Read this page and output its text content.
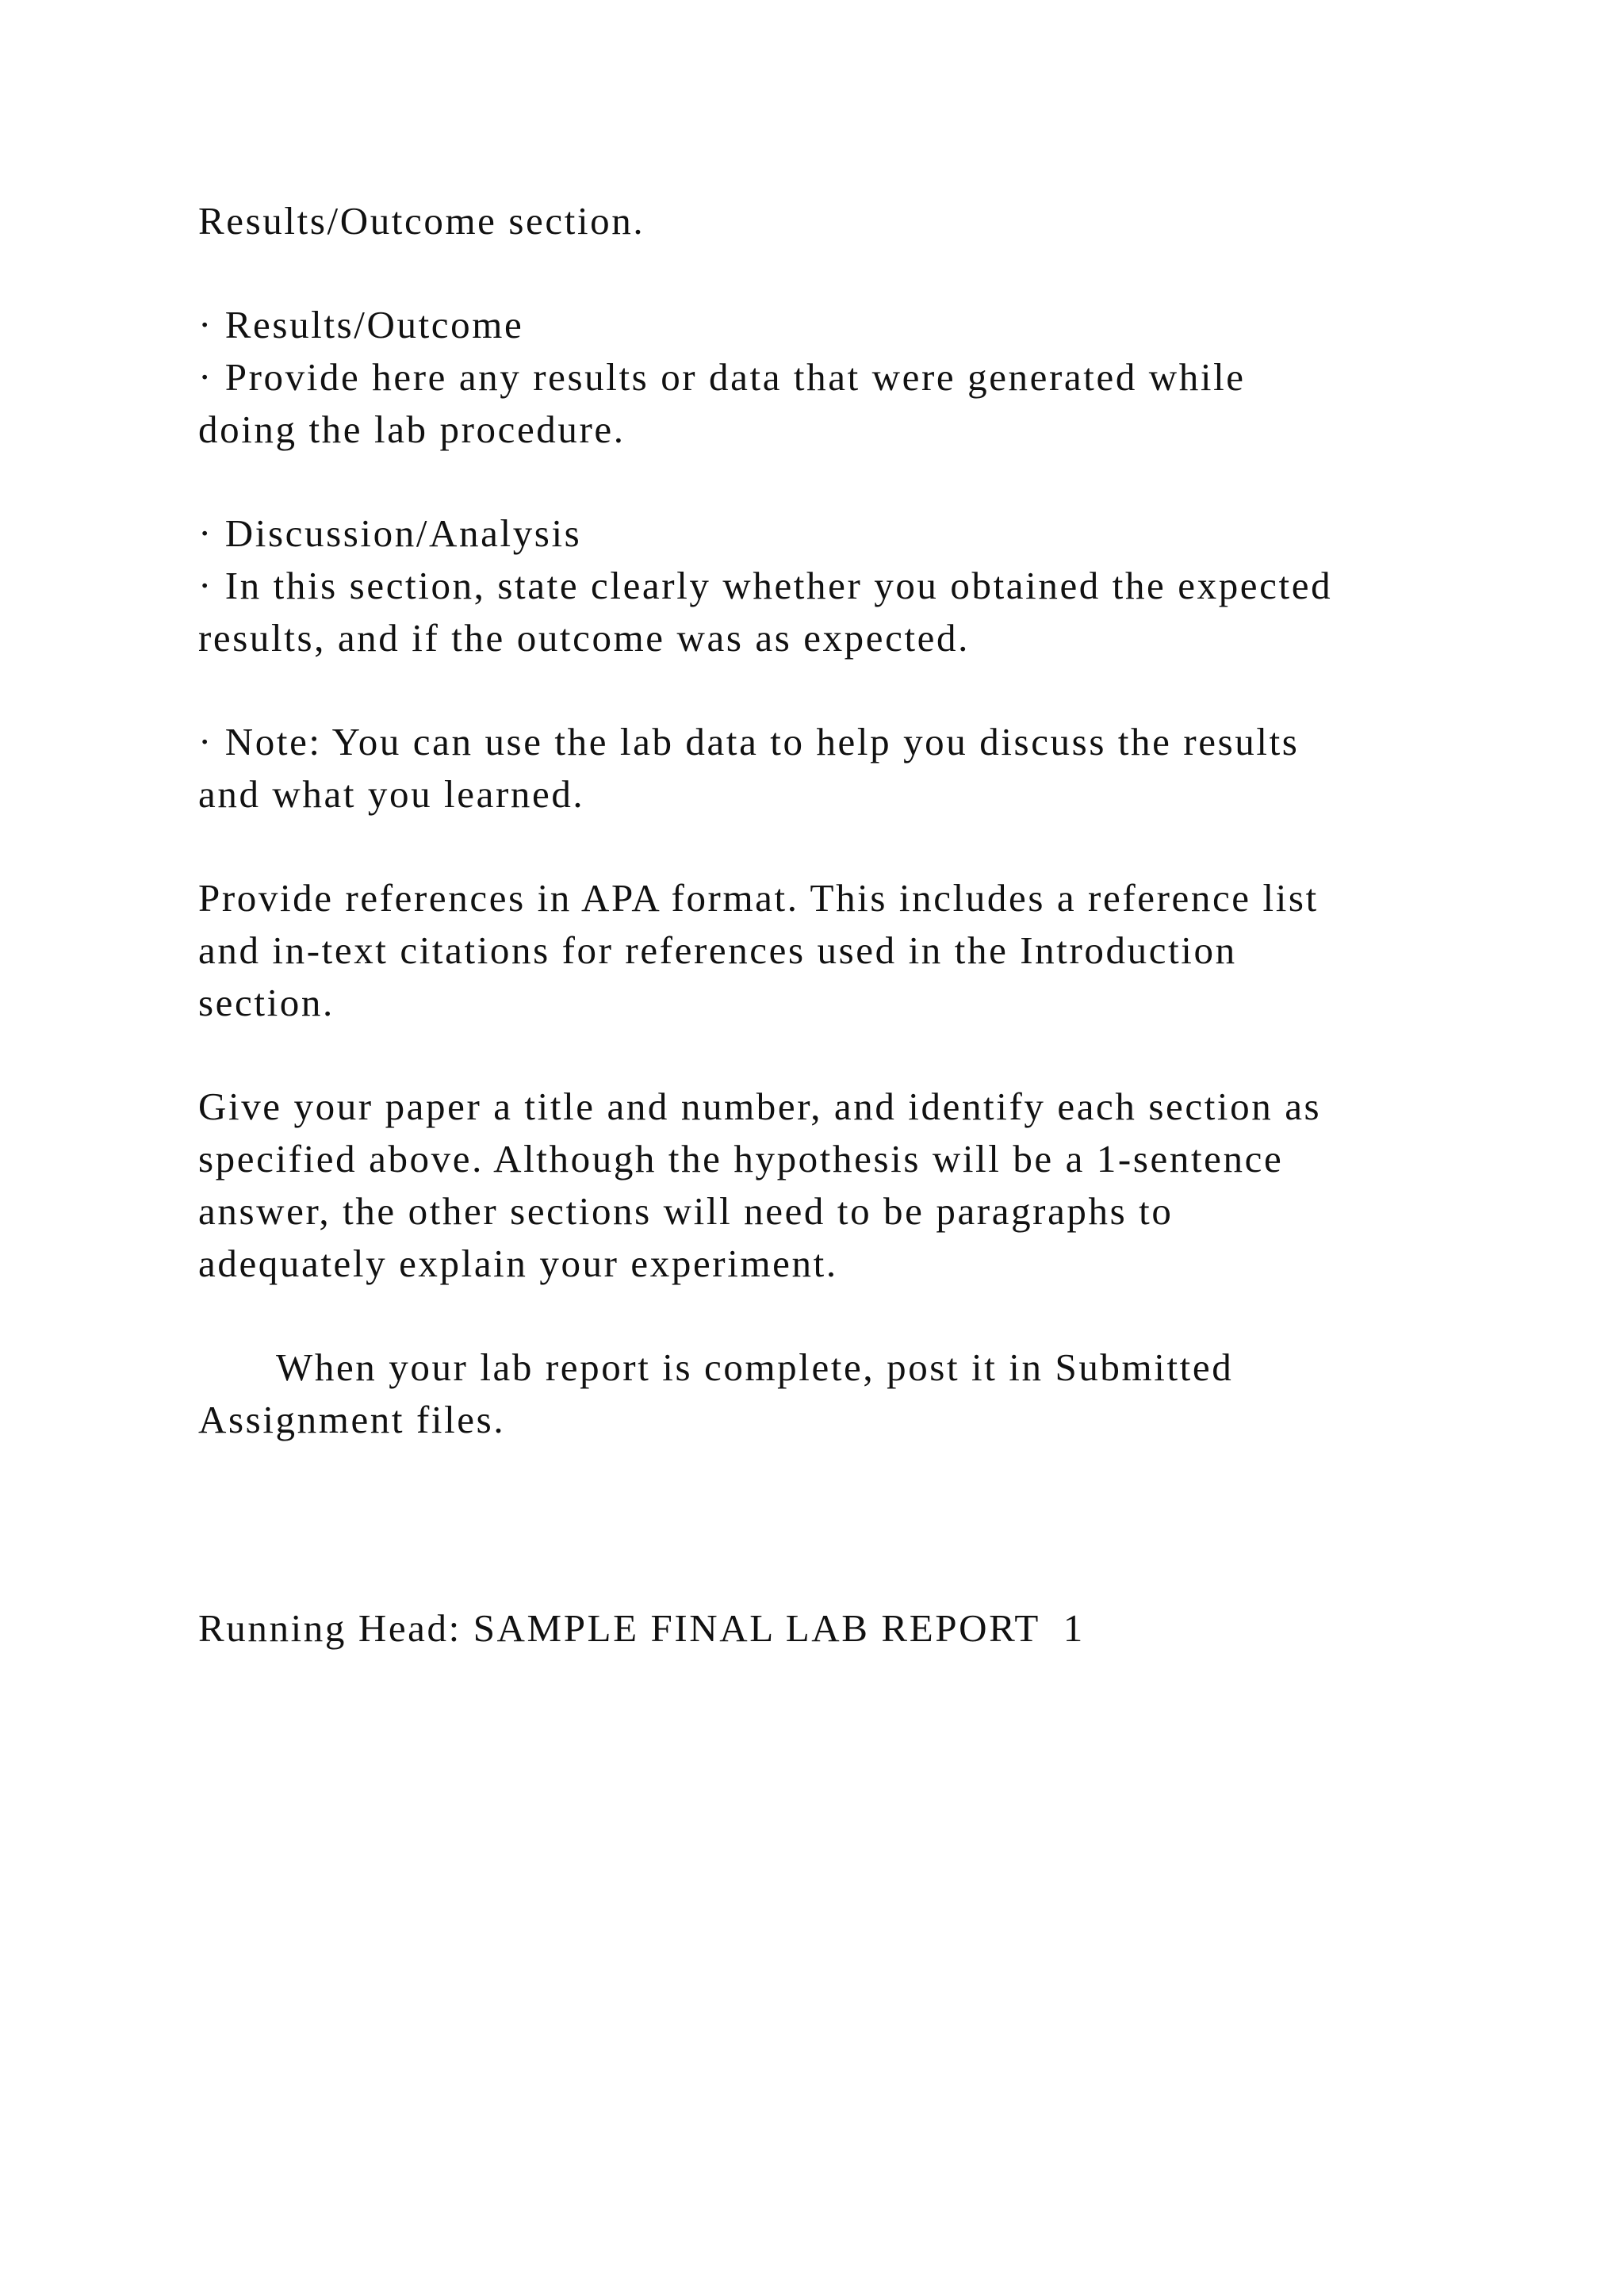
Results/Outcome section.
· Results/Outcome
· Provide here any results or data that were generated while
doing the lab procedure.
· Discussion/Analysis
· In this section, state clearly whether you obtained the expected
results, and if the outcome was as expected.
· Note: You can use the lab data to help you discuss the results
and what you learned.
Provide references in APA format. This includes a reference list
and in-text citations for references used in the Introduction
section.
Give your paper a title and number, and identify each section as
specified above. Although the hypothesis will be a 1-sentence
answer, the other sections will need to be paragraphs to
adequately explain your experiment.
When your lab report is complete, post it in Submitted
Assignment files.
Running Head: SAMPLE FINAL LAB REPORT  1
